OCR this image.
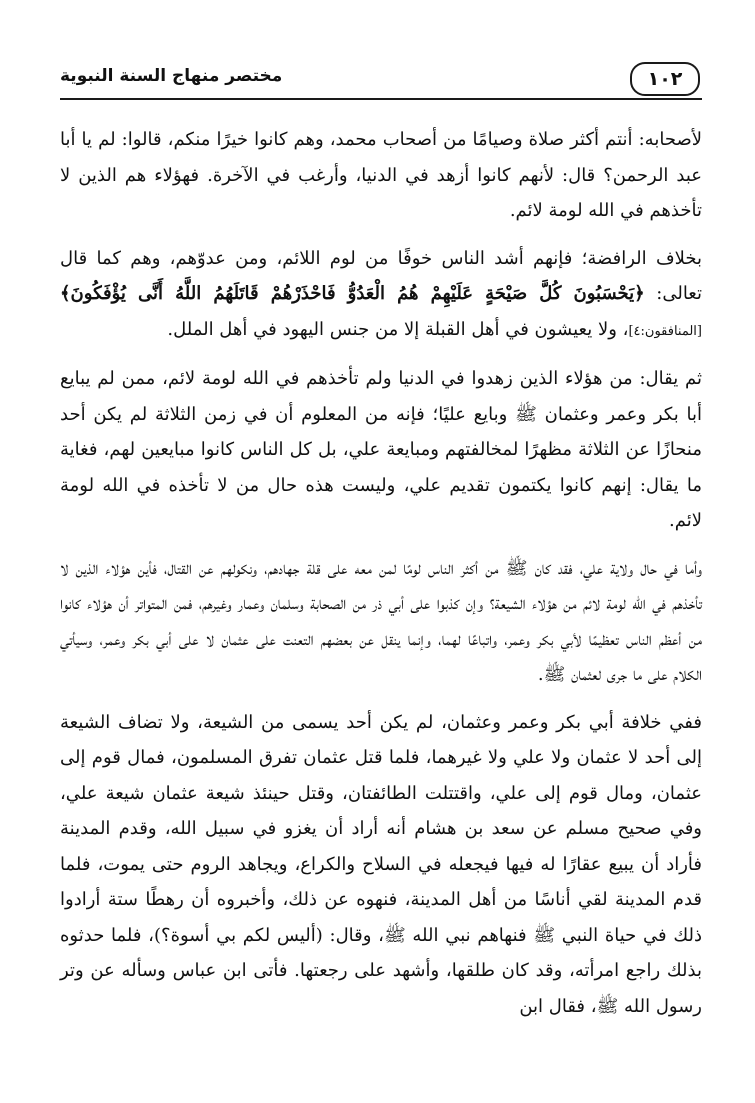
١٠٢
مختصر منهاج السنة النبوية

لأصحابه: أنتم أكثر صلاة وصيامًا من أصحاب محمد، وهم كانوا خيرًا منكم، قالوا: لم يا أبا عبد الرحمن؟ قال: لأنهم كانوا أزهد في الدنيا، وأرغب في الآخرة. فهؤلاء هم الذين لا تأخذهم في الله لومة لائم.

بخلاف الرافضة؛ فإنهم أشد الناس خوفًا من لوم اللائم، ومن عدوّهم، وهم كما قال تعالى: ﴿يَحْسَبُونَ كُلَّ صَيْحَةٍ عَلَيْهِمْ هُمُ الْعَدُوُّ فَاحْذَرْهُمْ قَاتَلَهُمُ اللَّهُ أَنَّى يُؤْفَكُونَ﴾ [المنافقون:٤]، ولا يعيشون في أهل القبلة إلا من جنس اليهود في أهل الملل.

ثم يقال: من هؤلاء الذين زهدوا في الدنيا ولم تأخذهم في الله لومة لائم، ممن لم يبايع أبا بكر وعمر وعثمان ﷺ وبايع عليًا؛ فإنه من المعلوم أن في زمن الثلاثة لم يكن أحد منحازًا عن الثلاثة مظهرًا لمخالفتهم ومبايعة علي، بل كل الناس كانوا مبايعين لهم، فغاية ما يقال: إنهم كانوا يكتمون تقديم علي، وليست هذه حال من لا تأخذه في الله لومة لائم.

وأما في حال ولاية علي، فقد كان ﷺ من أكثر الناس لومًا لمن معه على قلة جهادهم، ونكولهم عن القتال، فأين هؤلاء الذين لا تأخذهم في الله لومة لائم من هؤلاء الشيعة؟ وإن كذبوا على أبي ذر من الصحابة وسلمان وعمار وغيرهم، فمن المتواتر أن هؤلاء كانوا من أعظم الناس تعظيمًا لأبي بكر وعمر، واتباعًا لهما، وإنما ينقل عن بعضهم التعنت على عثمان لا على أبي بكر وعمر، وسيأتي الكلام على ما جرى لعثمان ﷺ.

ففي خلافة أبي بكر وعمر وعثمان، لم يكن أحد يسمى من الشيعة، ولا تضاف الشيعة إلى أحد لا عثمان ولا علي ولا غيرهما، فلما قتل عثمان تفرق المسلمون، فمال قوم إلى عثمان، ومال قوم إلى علي، واقتتلت الطائفتان، وقتل حينئذ شيعة عثمان شيعة علي، وفي صحيح مسلم عن سعد بن هشام أنه أراد أن يغزو في سبيل الله، وقدم المدينة فأراد أن يبيع عقارًا له فيها فيجعله في السلاح والكراع، ويجاهد الروم حتى يموت، فلما قدم المدينة لقي أناسًا من أهل المدينة، فنهوه عن ذلك، وأخبروه أن رهطًا ستة أرادوا ذلك في حياة النبي ﷺ فنهاهم نبي الله ﷺ، وقال: (أليس لكم بي أسوة؟)، فلما حدثوه بذلك راجع امرأته، وقد كان طلقها، وأشهد على رجعتها. فأتى ابن عباس وسأله عن وتر رسول الله ﷺ، فقال ابن
